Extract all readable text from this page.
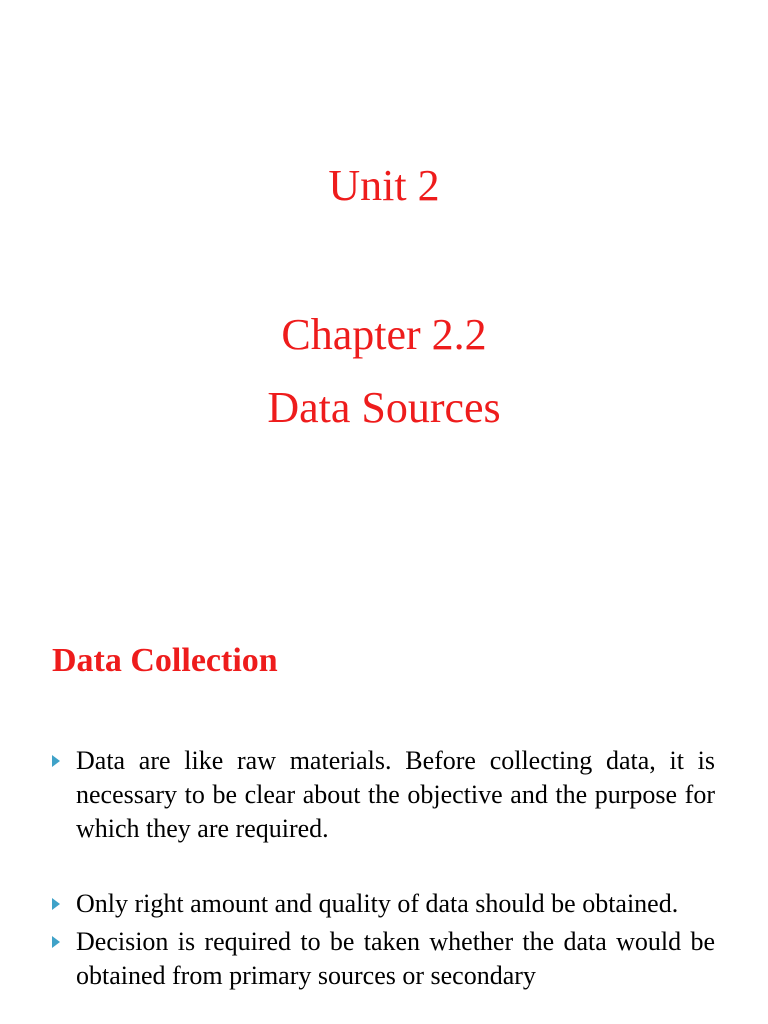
Unit 2
Chapter 2.2
Data Sources
Data Collection
Data are like raw materials. Before collecting data, it is necessary to be clear about the objective and the purpose for which they are required.
Only right amount and quality of data should be obtained.
Decision is required to be taken whether the data would be obtained from primary sources or secondary
